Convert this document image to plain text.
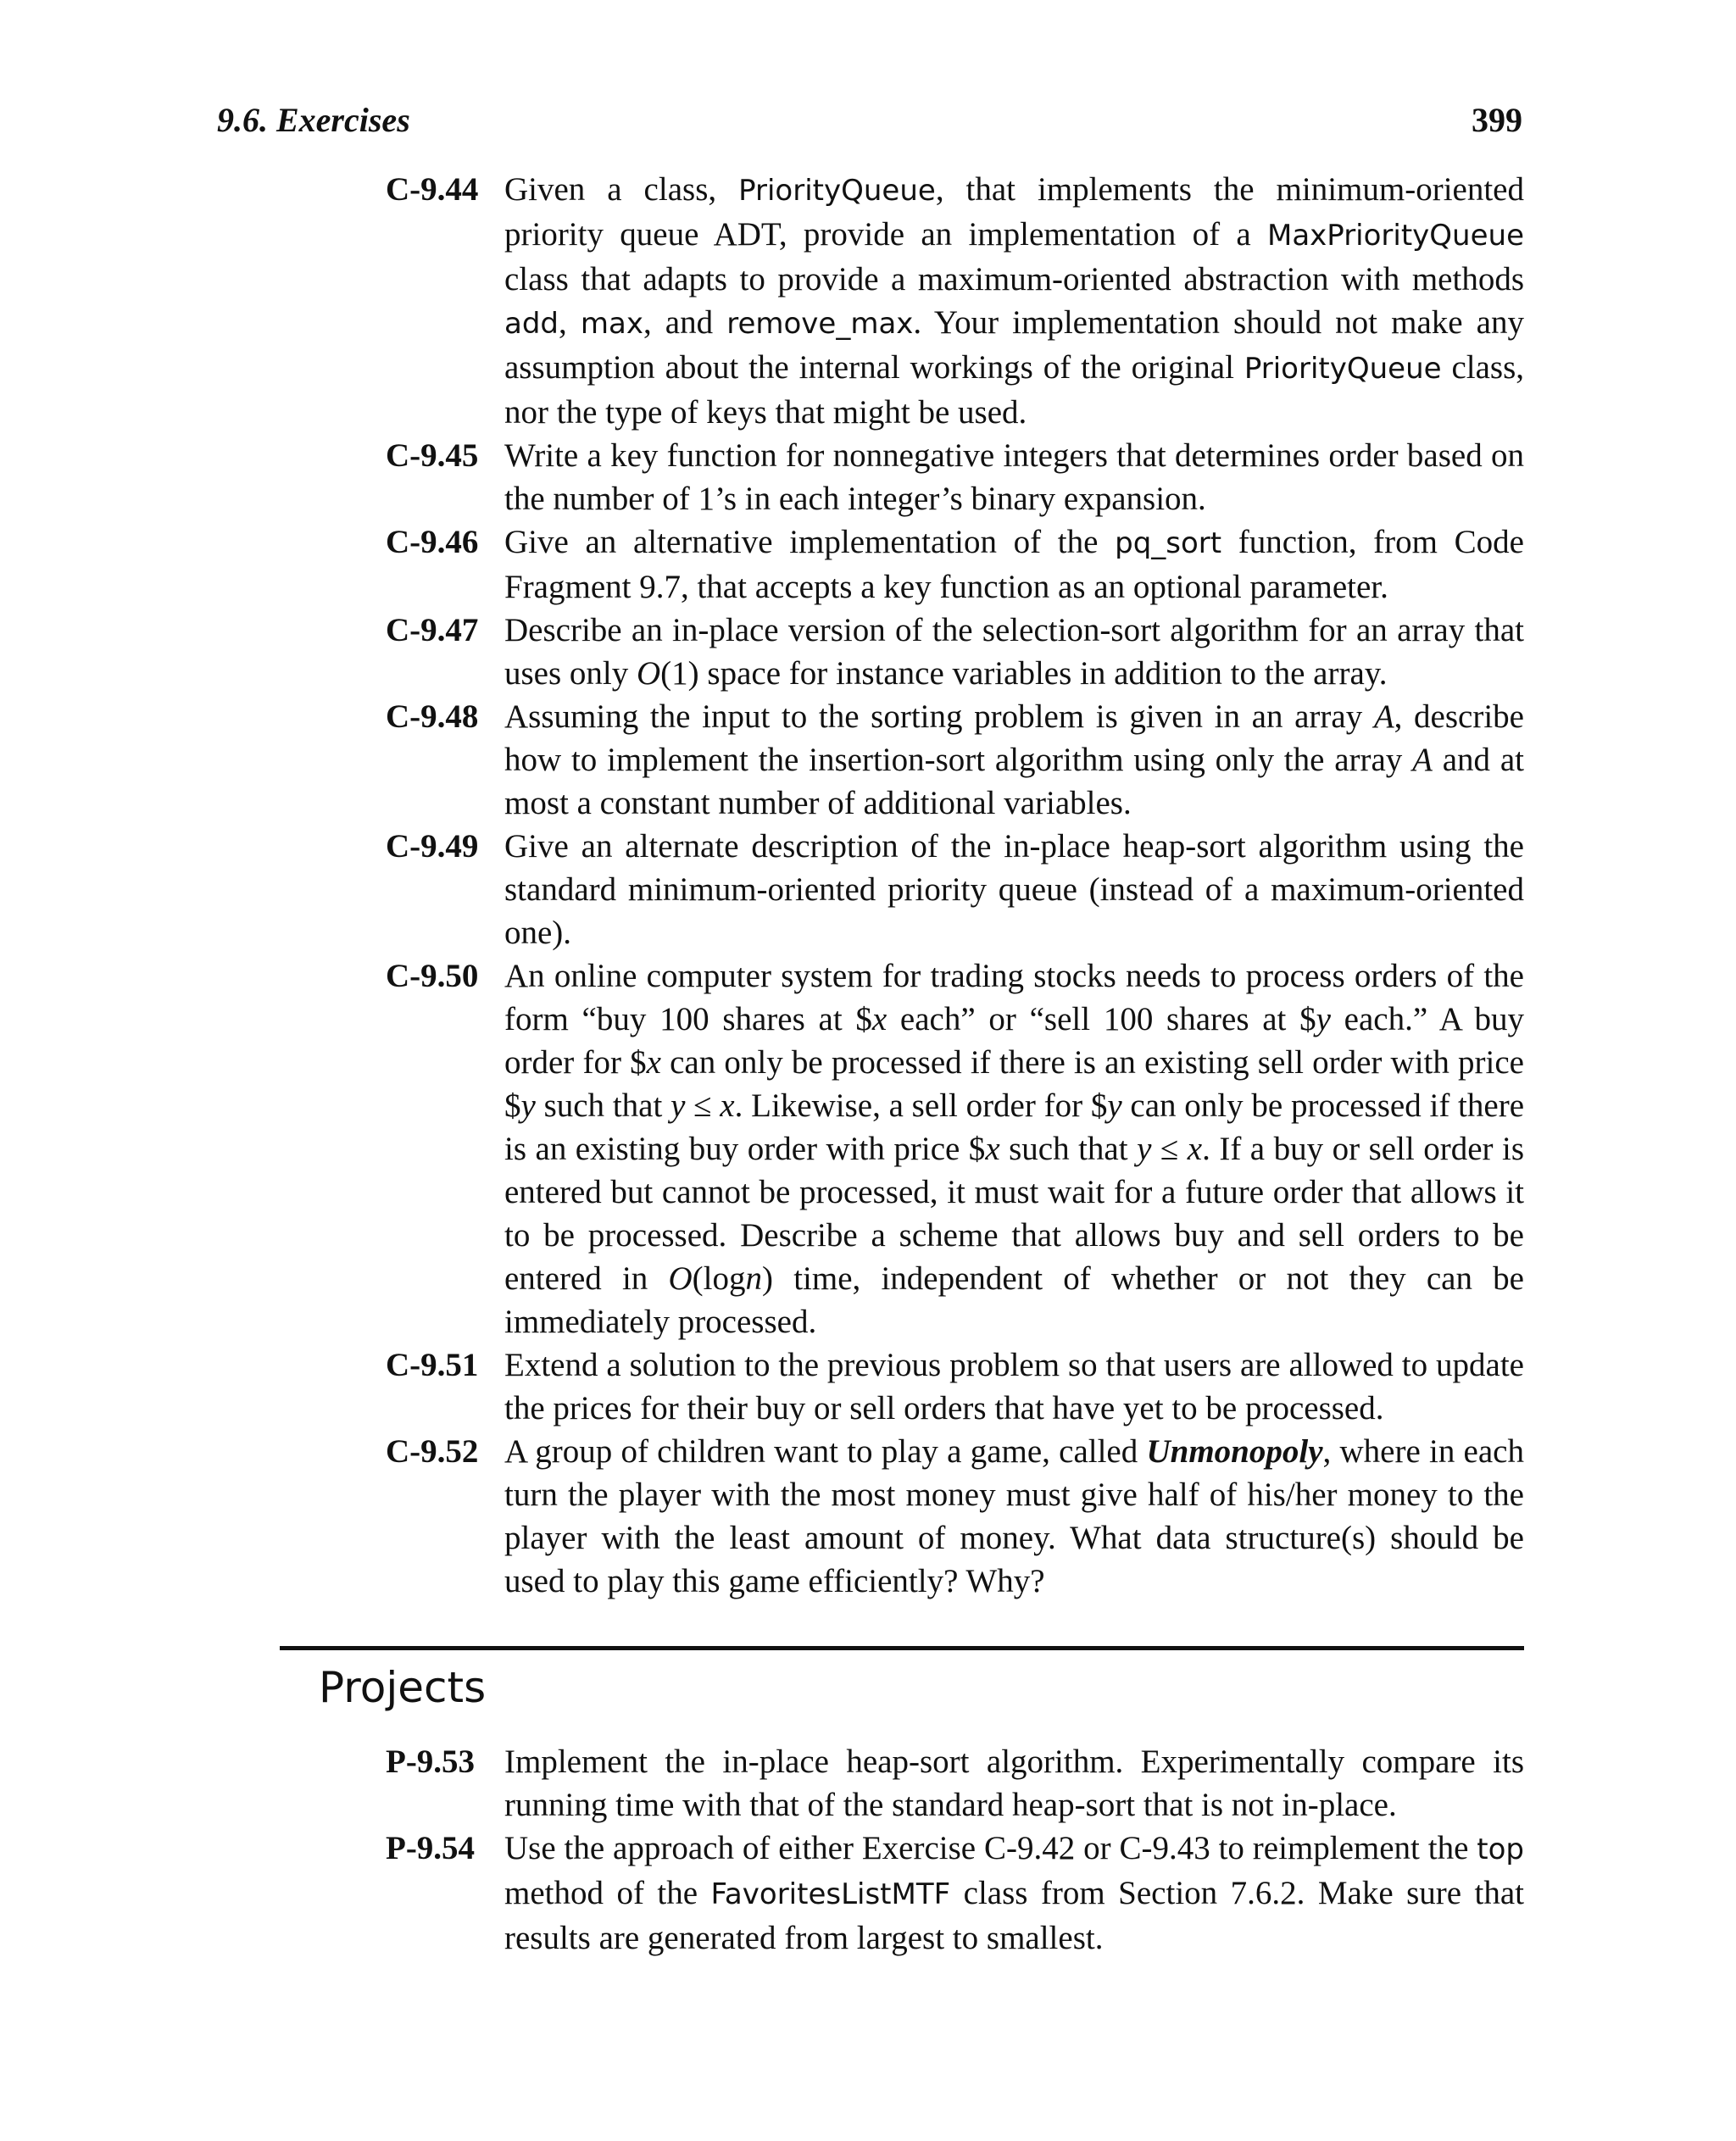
9.6. Exercises	399
C-9.44 Given a class, PriorityQueue, that implements the minimum-oriented priority queue ADT, provide an implementation of a MaxPriorityQueue class that adapts to provide a maximum-oriented abstraction with methods add, max, and remove_max. Your implementation should not make any assumption about the internal workings of the original PriorityQueue class, nor the type of keys that might be used.
C-9.45 Write a key function for nonnegative integers that determines order based on the number of 1’s in each integer’s binary expansion.
C-9.46 Give an alternative implementation of the pq_sort function, from Code Fragment 9.7, that accepts a key function as an optional parameter.
C-9.47 Describe an in-place version of the selection-sort algorithm for an array that uses only O(1) space for instance variables in addition to the array.
C-9.48 Assuming the input to the sorting problem is given in an array A, describe how to implement the insertion-sort algorithm using only the array A and at most a constant number of additional variables.
C-9.49 Give an alternate description of the in-place heap-sort algorithm using the standard minimum-oriented priority queue (instead of a maximum-oriented one).
C-9.50 An online computer system for trading stocks needs to process orders of the form “buy 100 shares at $x each” or “sell 100 shares at $y each.” A buy order for $x can only be processed if there is an existing sell order with price $y such that y ≤ x. Likewise, a sell order for $y can only be processed if there is an existing buy order with price $x such that y ≤ x. If a buy or sell order is entered but cannot be processed, it must wait for a future order that allows it to be processed. Describe a scheme that allows buy and sell orders to be entered in O(logn) time, independent of whether or not they can be immediately processed.
C-9.51 Extend a solution to the previous problem so that users are allowed to update the prices for their buy or sell orders that have yet to be processed.
C-9.52 A group of children want to play a game, called Unmonopoly, where in each turn the player with the most money must give half of his/her money to the player with the least amount of money. What data structure(s) should be used to play this game efficiently? Why?
Projects
P-9.53 Implement the in-place heap-sort algorithm. Experimentally compare its running time with that of the standard heap-sort that is not in-place.
P-9.54 Use the approach of either Exercise C-9.42 or C-9.43 to reimplement the top method of the FavoritesListMTF class from Section 7.6.2. Make sure that results are generated from largest to smallest.
